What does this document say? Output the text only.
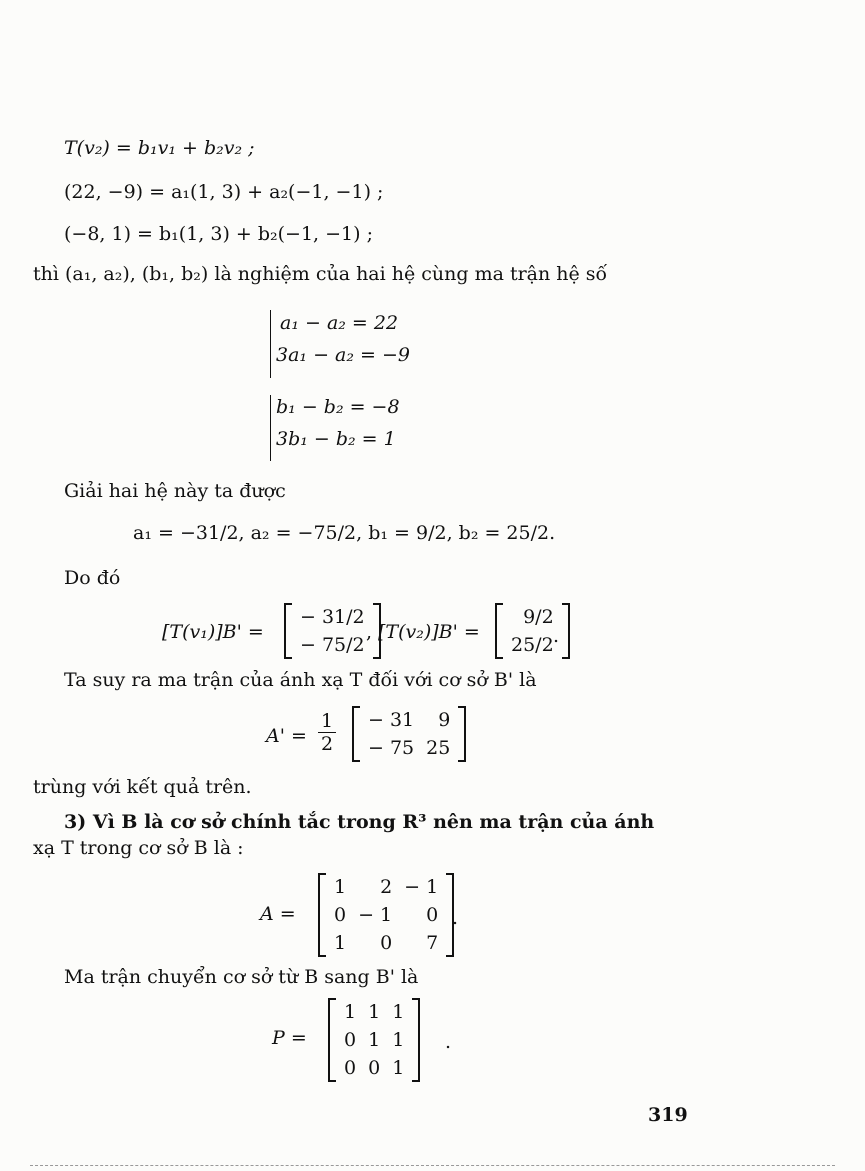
T(v₂) = b₁v₁ + b₂v₂ ;
(22, −9) = a₁(1, 3) + a₂(−1, −1) ;
(−8, 1) = b₁(1, 3) + b₂(−1, −1) ;
thì (a₁, a₂), (b₁, b₂) là nghiệm của hai hệ cùng ma trận hệ số
a₁ − a₂ = 22
3a₁ − a₂ = −9
b₁ − b₂ = −8
3b₁ − b₂ = 1
Giải hai hệ này ta được
a₁ = −31/2, a₂ = −75/2, b₁ = 9/2, b₂ = 25/2.
Do đó
[T(v₁)]B' =
− 31/2
− 75/2
, [T(v₂)]B' =
9/2
25/2 .
Ta suy ra ma trận của ánh xạ T đối với cơ sở B' là
$A' = \frac{1}{2} - 31$	9
− 75	25
trùng với kết quả trên.
3) Vì B là cơ sở chính tắc trong R³ nên ma trận của ánh
xạ T trong cơ sở B là :
A =
1	2	− 1
0	− 1	0
1	0	7
.
Ma trận chuyển cơ sở từ B sang B' là
P =
1	1	1
0	1	1
0	0	1
.
319
